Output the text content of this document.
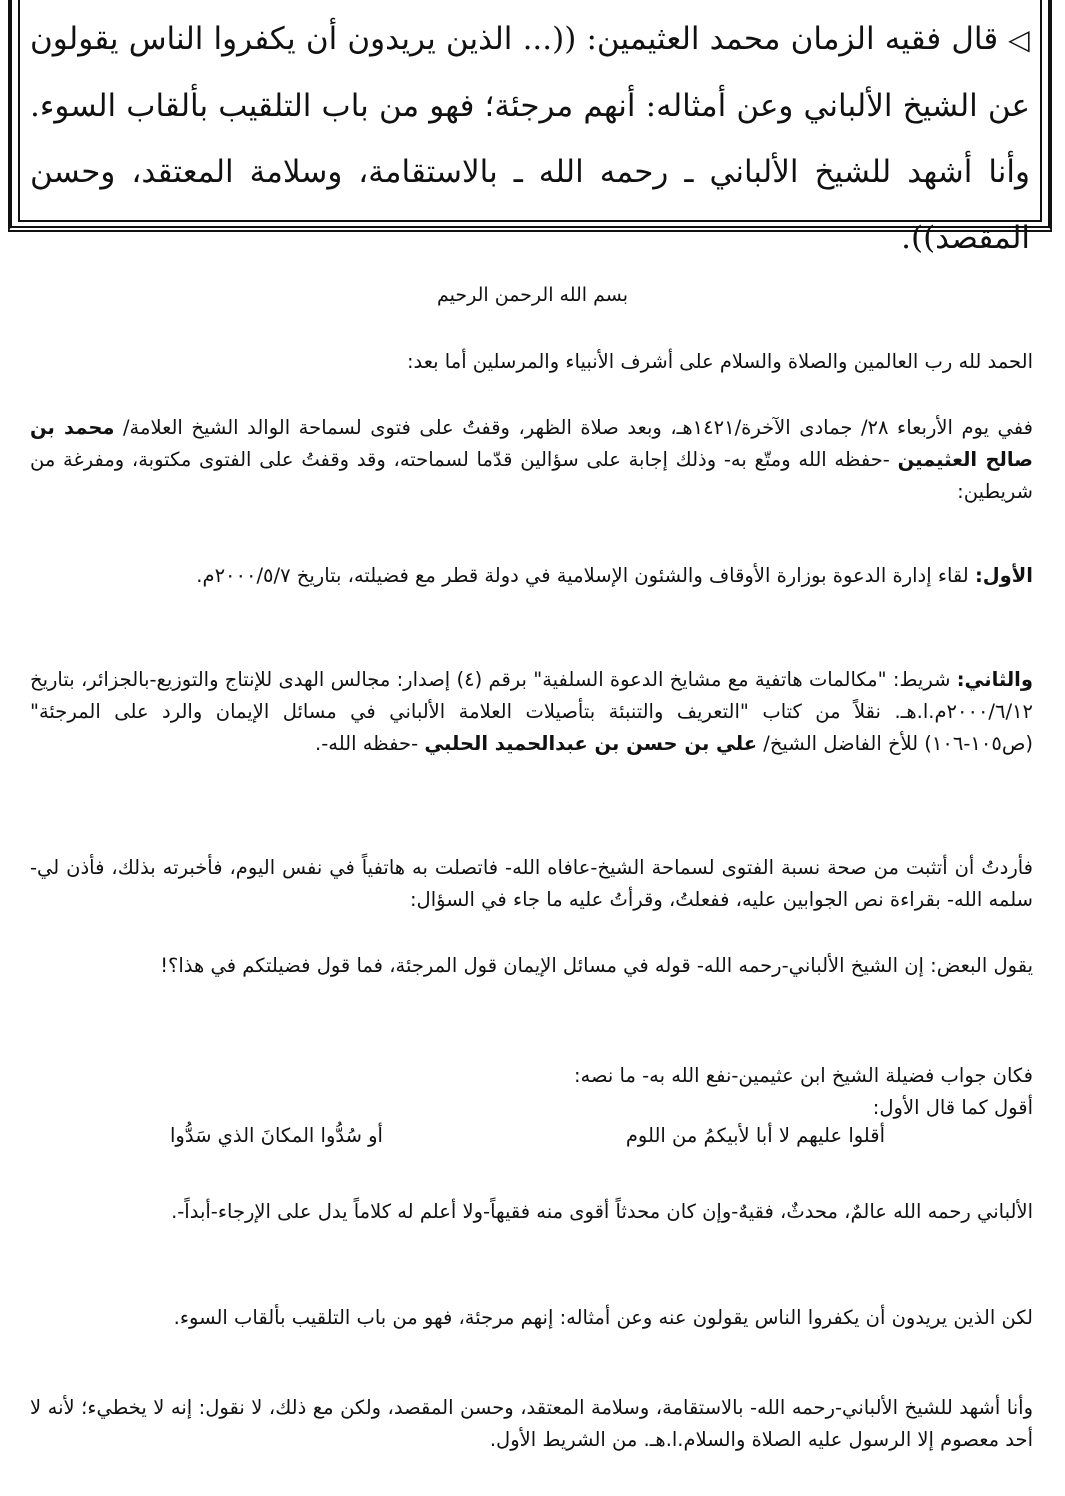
◁قال فقيه الزمان محمد العثيمين: ((... الذين يريدون أن يكفروا الناس يقولون عن الشيخ الألباني وعن أمثاله: أنهم مرجئة؛ فهو من باب التلقيب بألقاب السوء. وأنا أشهد للشيخ الألباني ـ رحمه الله ـ بالاستقامة، وسلامة المعتقد، وحسن المقصد)).
بسم الله الرحمن الرحيم
الحمد لله رب العالمين والصلاة والسلام على أشرف الأنبياء والمرسلين أما بعد:
ففي يوم الأربعاء ٢٨/ جمادى الآخرة/١٤٢١هـ، وبعد صلاة الظهر، وقفتُ على فتوى لسماحة الوالد الشيخ العلامة/ محمد بن صالح العثيمين -حفظه الله ومتّع به- وذلك إجابة على سؤالين قدّما لسماحته، وقد وقفتُ على الفتوى مكتوبة، ومفرغة من شريطين:
الأول: لقاء إدارة الدعوة بوزارة الأوقاف والشئون الإسلامية في دولة قطر مع فضيلته، بتاريخ ٢٠٠٠/٥/٧م.
والثاني: شريط: "مكالمات هاتفية مع مشايخ الدعوة السلفية" برقم (٤) إصدار: مجالس الهدى للإنتاج والتوزيع-بالجزائر، بتاريخ ٢٠٠٠/٦/١٢م.ا.هـ. نقلاً من كتاب "التعريف والتنبئة بتأصيلات العلامة الألباني في مسائل الإيمان والرد على المرجئة" (ص١٠٥-١٠٦) للأخ الفاضل الشيخ/ علي بن حسن بن عبدالحميد الحلبي -حفظه الله-.
فأردتُ أن أتثبت من صحة نسبة الفتوى لسماحة الشيخ-عافاه الله- فاتصلت به هاتفياً في نفس اليوم، فأخبرته بذلك، فأذن لي-سلمه الله- بقراءة نص الجوابين عليه، ففعلتُ، وقرأتُ عليه ما جاء في السؤال:
يقول البعض: إن الشيخ الألباني-رحمه الله- قوله في مسائل الإيمان قول المرجئة، فما قول فضيلتكم في هذا؟!
فكان جواب فضيلة الشيخ ابن عثيمين-نفع الله به- ما نصه:
أقول كما قال الأول:
أقلوا عليهم لا أبا لأبيكمُ من اللوم
أو سُدُّوا المكانَ الذي سَدُّوا
الألباني رحمه الله عالمٌ، محدثٌ، فقيهٌ-وإن كان محدثاً أقوى منه فقيهاً-ولا أعلم له كلاماً يدل على الإرجاء-أبداً-.
لكن الذين يريدون أن يكفروا الناس يقولون عنه وعن أمثاله: إنهم مرجئة، فهو من باب التلقيب بألقاب السوء.
وأنا أشهد للشيخ الألباني-رحمه الله- بالاستقامة، وسلامة المعتقد، وحسن المقصد، ولكن مع ذلك، لا نقول: إنه لا يخطيء؛ لأنه لا أحد معصوم إلا الرسول عليه الصلاة والسلام.ا.هـ. من الشريط الأول.
